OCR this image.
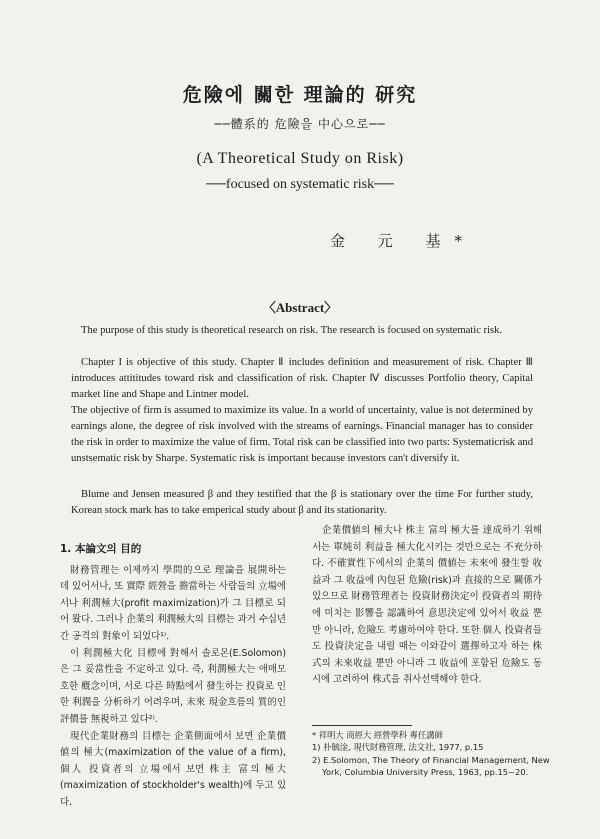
危險에 關한 理論的 研究
──體系的 危險을 中心으로──
(A Theoretical Study on Risk)
──focused on systematic risk──
金 元 基*
〈Abstract〉

The purpose of this study is theoretical research on risk. The research is focused on systematic risk.

Chapter I is objective of this study. Chapter Ⅱ includes definition and measurement of risk. Chapter Ⅲ introduces attititudes toward risk and classification of risk. Chapter Ⅳ discusses Portfolio theory, Capital market line and Shape and Lintner model.

The objective of firm is assumed to maximize its value. In a world of uncertainty, value is not determined by earnings alone, the degree of risk involved with the streams of earnings. Financial manager has to consider the risk in order to maximize the value of firm. Total risk can be classified into two parts: Systematicrisk and unstsematic risk by Sharpe. Systematic risk is important because investors can't diversify it.

Blume and Jensen measured β and they testified that the β is stationary over the time For further study, Korean stock mark has to take emperical study about β and its stationarity.

1. 本論文의 目的

財務管理는 이제까지 學問的으로 理論을 展開하는 데 있어서나, 또 實際 經營을 擔當하는 사람들의 立場에서나 利潤極大(profit maximization)가 그 目標로 되어 왔다. 그러나 企業의 利潤極大의 目標는 과거 수십년간 공격의 對象이 되었다¹⁾.

이 利潤極大化 目標에 對해서 솔로몬(E.Solomon)은 그 妥當性을 不定하고 있다. 즉, 利潤極大는 애매모호한 槪念이며, 서로 다른 時點에서 發生하는 投資로 인한 利潤을 分析하기 어려우며, 未來 現金흐름의 質的인 評價를 無視하고 있다²⁾.

現代企業財務의 目標는 企業側面에서 보면 企業價値의 極大(maximization of the value of a firm), 個人 投資者의 立場에서 보면 株主 富의 極大(maximization of stockholder's wealth)에 두고 있다.

企業價値의 極大나 株主 富의 極大를 達成하기 위해서는 單純히 利益을 極大化시키는 것만으로는 不充分하다. 不確實性下에서의 企業의 價値는 未來에 發生할 收益과 그 收益에 內包된 危險(risk)과 直接的으로 關係가 있으므로 財務管理者는 投資財務決定이 投資者의 期待에 미치는 影響을 認識하여 意思決定에 있어서 收益 뿐만 아니라, 危險도 考慮하여야 한다. 또한 個人 投資者들도 投資決定을 내릴 때는 이와같이 選擇하고자 하는 株式의 未來收益 뿐만 아니라 그 收益에 포함된 危險도 동시에 고려하여 株式을 취사선택해야 한다.

* 祥明大 商經大 經營學科 專任講師

1) 朴毓淦, 現代財務管理, 法文社, 1977, p.15

2) E.Solomon, The Theory of Financial Management, New York, Columbia University Press, 1963, pp.15~20.
